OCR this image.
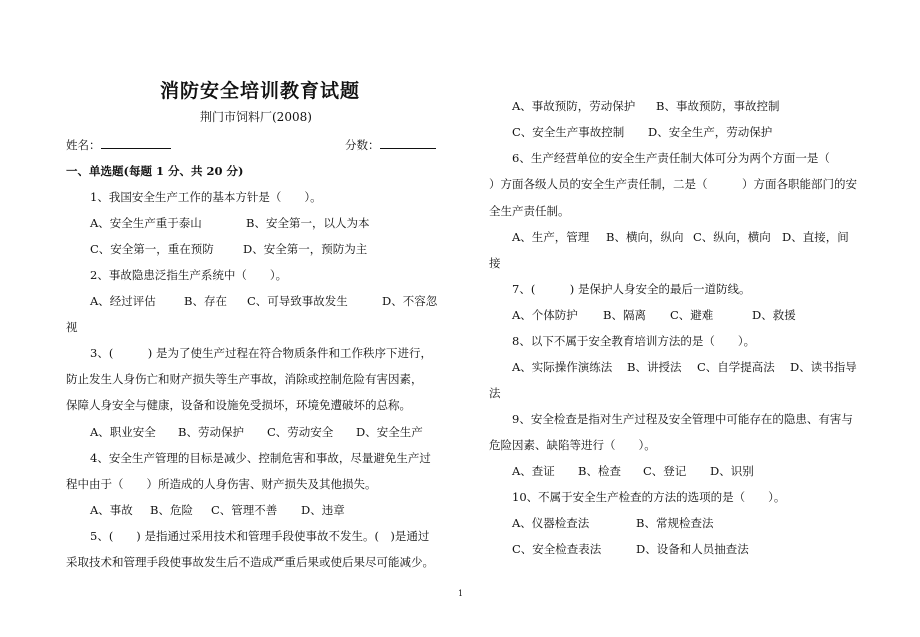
消防安全培训教育试题
荆门市饲料厂(2008)
姓名：	分数：
一、单选题(每题 1 分、共 20 分)
1、我国安全生产工作的基本方针是（　　）。
A、安全生产重于泰山	B、安全第一，以人为本
C、安全第一，重在预防	D、安全第一，预防为主
2、事故隐患泛指生产系统中（　　）。
A、经过评估 B、存在 C、可导致事故发生	D、不容忽
视
3、(　　　) 是为了使生产过程在符合物质条件和工作秩序下进行，
防止发生人身伤亡和财产损失等生产事故，消除或控制危险有害因素，
保障人身安全与健康，设备和设施免受损坏，环境免遭破坏的总称。
A、职业安全 B、劳动保护 C、劳动安全 D、安全生产
4、安全生产管理的目标是减少、控制危害和事故，尽量避免生产过
程中由于（　　）所造成的人身伤害、财产损失及其他损失。
A、事故 B、危险 C、管理不善 D、违章
5、(　　) 是指通过采用技术和管理手段使事故不发生。(　)是通过
采取技术和管理手段使事故发生后不造成严重后果或使后果尽可能减少。
A、事故预防，劳动保护 B、事故预防，事故控制
C、安全生产事故控制 D、安全生产，劳动保护
6、生产经营单位的安全生产责任制大体可分为两个方面一是（
）方面各级人员的安全生产责任制，二是（　　　）方面各职能部门的安
全生产责任制。
A、生产，管理 B、横向，纵向 C、纵向，横向 D、直接，间
接
7、(　　　) 是保护人身安全的最后一道防线。
A、个体防护 B、隔离 C、避难	D、救援
8、以下不属于安全教育培训方法的是（　　）。
A、实际操作演练法 B、讲授法 C、自学提高法 D、读书指导
法
9、安全检查是指对生产过程及安全管理中可能存在的隐患、有害与
危险因素、缺陷等进行（　　）。
A、查证 B、检查 C、登记 D、识别
10、不属于安全生产检查的方法的选项的是（　　）。
A、仪器检查法	B、常规检查法
C、安全检查表法	D、设备和人员抽查法
1
